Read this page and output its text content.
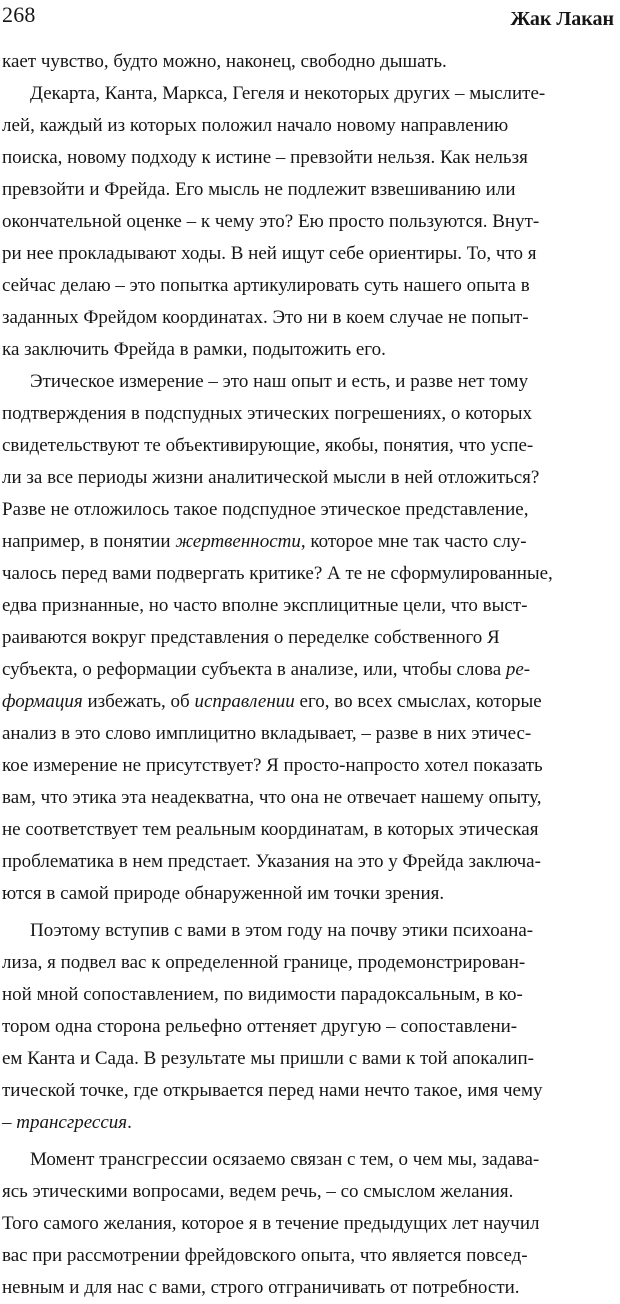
268	Жак Лакан
кает чувство, будто можно, наконец, свободно дышать.
Декарта, Канта, Маркса, Гегеля и некоторых других – мыслите-
лей, каждый из которых положил начало новому направлению
поиска, новому подходу к истине – превзойти нельзя. Как нельзя
превзойти и Фрейда. Его мысль не подлежит взвешиванию или
окончательной оценке – к чему это? Ею просто пользуются. Внут-
ри нее прокладывают ходы. В ней ищут себе ориентиры. То, что я
сейчас делаю – это попытка артикулировать суть нашего опыта в
заданных Фрейдом координатах. Это ни в коем случае не попыт-
ка заключить Фрейда в рамки, подытожить его.
Этическое измерение – это наш опыт и есть, и разве нет тому
подтверждения в подспудных этических погрешениях, о которых
свидетельствуют те объективирующие, якобы, понятия, что успе-
ли за все периоды жизни аналитической мысли в ней отложиться?
Разве не отложилось такое подспудное этическое представление,
например, в понятии жертвенности, которое мне так часто слу-
чалось перед вами подвергать критике? А те не сформулированные,
едва признанные, но часто вполне эксплицитные цели, что выст-
раиваются вокруг представления о переделке собственного Я
субъекта, о реформации субъекта в анализе, или, чтобы слова ре-
формация избежать, об исправлении его, во всех смыслах, которые
анализ в это слово имплицитно вкладывает, – разве в них этичес-
кое измерение не присутствует? Я просто-напросто хотел показать
вам, что этика эта неадекватна, что она не отвечает нашему опыту,
не соответствует тем реальным координатам, в которых этическая
проблематика в нем предстает. Указания на это у Фрейда заключа-
ются в самой природе обнаруженной им точки зрения.
Поэтому вступив с вами в этом году на почву этики психоана-
лиза, я подвел вас к определенной границе, продемонстрирован-
ной мной сопоставлением, по видимости парадоксальным, в ко-
тором одна сторона рельефно оттеняет другую – сопоставлени-
ем Канта и Сада. В результате мы пришли с вами к той апокалип-
тической точке, где открывается перед нами нечто такое, имя чему
– трансгрессия.
Момент трансгрессии осязаемо связан с тем, о чем мы, задава-
ясь этическими вопросами, ведем речь, – со смыслом желания.
Того самого желания, которое я в течение предыдущих лет научил
вас при рассмотрении фрейдовского опыта, что является повсед-
невным и для нас с вами, строго отграничивать от потребности.
